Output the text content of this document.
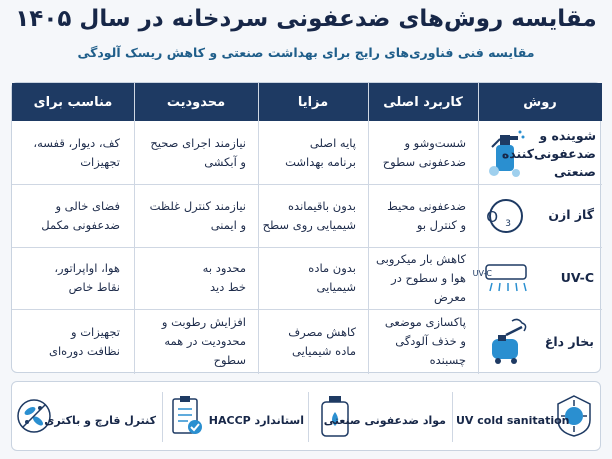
مقایسه روش‌های ضدعفونی سردخانه در سال ۱۴۰۵
مقایسه فنی فناوری‌های رایج برای بهداشت صنعتی و کاهش ریسک آلودگی
روش
کاربرد اصلی
مزایا
محدودیت
مناسب برای
شوینده و
ضدعفونی‌کننده
صنعتی
شست‌وشو و
ضدعفونی سطوح
پایه اصلی
برنامه بهداشت
نیازمند اجرای صحیح
و آبکشی
کف، دیوار، قفسه،
تجهیزات
O 3
گاز ازن
ضدعفونی محیط
و کنترل بو
بدون باقیمانده
شیمیایی روی سطح
نیازمند کنترل غلظت
و ایمنی
فضای خالی و
ضدعفونی مکمل
UV-C	UV-C
کاهش بار میکروبی
هوا و سطوح در معرض
بدون ماده
شیمیایی
محدود به
خط دید
هوا، اواپراتور،
نقاط خاص
بخار داغ
پاکسازی موضعی
و خذف آلودگی چسبنده
کاهش مصرف
ماده شیمیایی
افزایش رطوبت و
محدودیت در همه سطوح
تجهیزات و
نظافت دوره‌ای
UV cold sanitation
مواد ضدعفونی صنعتی
استاندارد HACCP
کنترل قارچ و باکتری
